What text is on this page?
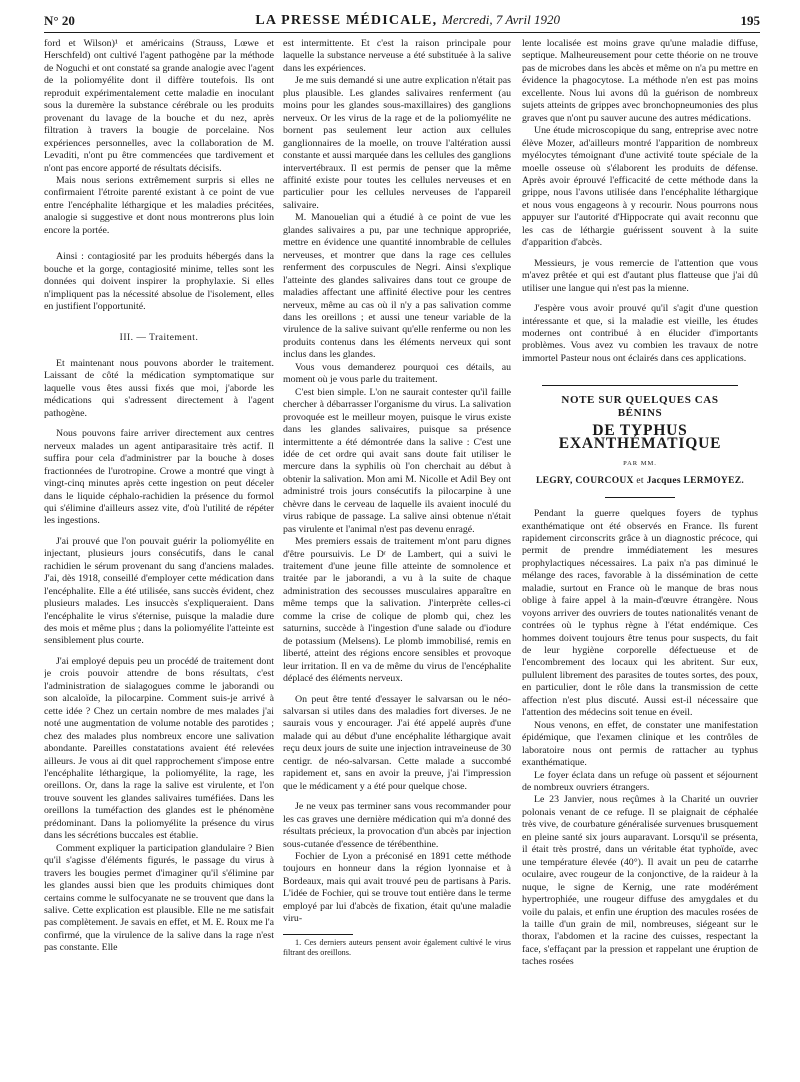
N° 20	LA PRESSE MÉDICALE, Mercredi, 7 Avril 1920	195

ford et Wilson)¹ et américains (Strauss, Lœwe et Herschfeld) ont cultivé l'agent pathogène par la méthode de Noguchi et ont constaté sa grande analogie avec l'agent de la poliomyélite dont il diffère toutefois. Ils ont reproduit expérimentalement cette maladie en inoculant sous la duremère la substance cérébrale ou les produits provenant du lavage de la bouche et du nez, après filtration à travers la bougie de porcelaine. Nos expériences personnelles, avec la collaboration de M. Levaditi, n'ont pu être commencées que tardivement et n'ont pas encore apporté de résultats décisifs.

Mais nous serions extrêmement surpris si elles ne confirmaient l'étroite parenté existant à ce point de vue entre l'encéphalite léthargique et les maladies précitées, analogie si suggestive et dont nous montrerons plus loin encore la portée.

Ainsi : contagiosité par les produits hébergés dans la bouche et la gorge, contagiosité minime, telles sont les données qui doivent inspirer la prophylaxie. Si elles n'impliquent pas la nécessité absolue de l'isolement, elles en justifient l'opportunité.

III. — Traitement.

Et maintenant nous pouvons aborder le traitement. Laissant de côté la médication symptomatique sur laquelle vous êtes aussi fixés que moi, j'aborde les médications qui s'adressent directement à l'agent pathogène.

Nous pouvons faire arriver directement aux centres nerveux malades un agent antiparasitaire très actif. Il suffira pour cela d'administrer par la bouche à doses fractionnées de l'urotropine. Crowe a montré que vingt à vingt-cinq minutes après cette ingestion on peut déceler dans le liquide céphalo-rachidien la présence du formol qui s'élimine d'ailleurs assez vite, d'où l'utilité de répéter les ingestions.

J'ai prouvé que l'on pouvait guérir la poliomyélite en injectant, plusieurs jours consécutifs, dans le canal rachidien le sérum provenant du sang d'anciens malades. J'ai, dès 1918, conseillé d'employer cette médication dans l'encéphalite. Elle a été utilisée, sans succès évident, chez plusieurs malades. Les insuccès s'expliqueraient. Dans l'encéphalite le virus s'éternise, puisque la maladie dure des mois et même plus ; dans la poliomyélite l'atteinte est sensiblement plus courte.

J'ai employé depuis peu un procédé de traitement dont je crois pouvoir attendre de bons résultats, c'est l'administration de sialagogues comme le jaborandi ou son alcaloïde, la pilocarpine. Comment suis-je arrivé à cette idée ? Chez un certain nombre de mes malades j'ai noté une augmentation de volume notable des parotides ; chez des malades plus nombreux encore une salivation abondante. Pareilles constatations avaient été relevées ailleurs. Je vous ai dit quel rapprochement s'impose entre l'encéphalite léthargique, la poliomyélite, la rage, les oreillons. Or, dans la rage la salive est virulente, et l'on trouve souvent les glandes salivaires tuméfiées. Dans les oreillons la tuméfaction des glandes est le phénomène prédominant. Dans la poliomyélite la présence du virus dans les sécrétions buccales est établie.

Comment expliquer la participation glandulaire ? Bien qu'il s'agisse d'éléments figurés, le passage du virus à travers les bougies permet d'imaginer qu'il s'élimine par les glandes aussi bien que les produits chimiques dont certains comme le sulfocyanate ne se trouvent que dans la salive. Cette explication est plausible. Elle ne me satisfait pas complètement. Je savais en effet, et M. E. Roux me l'a confirmé, que la virulence de la salive dans la rage n'est pas constante. Elle

est intermittente. Et c'est la raison principale pour laquelle la substance nerveuse a été substituée à la salive dans les expériences.

Je me suis demandé si une autre explication n'était pas plus plausible. Les glandes salivaires renferment (au moins pour les glandes sous-maxillaires) des ganglions nerveux. Or les virus de la rage et de la poliomyélite ne bornent pas seulement leur action aux cellules ganglionnaires de la moelle, on trouve l'altération aussi constante et aussi marquée dans les cellules des ganglions intervertébraux. Il est permis de penser que la même affinité existe pour toutes les cellules nerveuses et en particulier pour les cellules nerveuses de l'appareil salivaire.

M. Manouelian qui a étudié à ce point de vue les glandes salivaires a pu, par une technique appropriée, mettre en évidence une quantité innombrable de cellules nerveuses, et montrer que dans la rage ces cellules renferment des corpuscules de Negri. Ainsi s'explique l'atteinte des glandes salivaires dans tout ce groupe de maladies affectant une affinité élective pour les centres nerveux, même au cas où il n'y a pas salivation comme dans les oreillons ; et aussi une teneur variable de la virulence de la salive suivant qu'elle renferme ou non les produits contenus dans les éléments nerveux qui sont inclus dans les glandes.

Vous vous demanderez pourquoi ces détails, au moment où je vous parle du traitement.

C'est bien simple. L'on ne saurait contester qu'il faille chercher à débarrasser l'organisme du virus. La salivation provoquée est le meilleur moyen, puisque le virus existe dans les glandes salivaires, puisque sa présence intermittente a été démontrée dans la salive : C'est une idée de cet ordre qui avait sans doute fait utiliser le mercure dans la syphilis où l'on cherchait au début à obtenir la salivation. Mon ami M. Nicolle et Adil Bey ont administré trois jours consécutifs la pilocarpine à une chèvre dans le cerveau de laquelle ils avaient inoculé du virus rabique de passage. La salive ainsi obtenue n'était pas virulente et l'animal n'est pas devenu enragé.

Mes premiers essais de traitement m'ont paru dignes d'être poursuivis. Le Dʳ de Lambert, qui a suivi le traitement d'une jeune fille atteinte de somnolence et traitée par le jaborandi, a vu à la suite de chaque administration des secousses musculaires apparaître en même temps que la salivation. J'interprète celles-ci comme la crise de colique de plomb qui, chez les saturnins, succède à l'ingestion d'une salade ou d'iodure de potassium (Melsens). Le plomb immobilisé, remis en liberté, atteint des régions encore sensibles et provoque leur irritation. Il en va de même du virus de l'encéphalite déplacé des éléments nerveux.

On peut être tenté d'essayer le salvarsan ou le néo-salvarsan si utiles dans des maladies fort diverses. Je ne saurais vous y encourager. J'ai été appelé auprès d'une malade qui au début d'une encéphalite léthargique avait reçu deux jours de suite une injection intraveineuse de 30 centigr. de néo-salvarsan. Cette malade a succombé rapidement et, sans en avoir la preuve, j'ai l'impression que le médicament y a été pour quelque chose.

Je ne veux pas terminer sans vous recommander pour les cas graves une dernière médication qui m'a donné des résultats précieux, la provocation d'un abcès par injection sous-cutanée d'essence de térébenthine.

Fochier de Lyon a préconisé en 1891 cette méthode toujours en honneur dans la région lyonnaise et à Bordeaux, mais qui avait trouvé peu de partisans à Paris. L'idée de Fochier, qui se trouve tout entière dans le terme employé par lui d'abcès de fixation, était qu'une maladie viru-

1. Ces derniers auteurs pensent avoir également cultivé le virus filtrant des oreillons.

lente localisée est moins grave qu'une maladie diffuse, septique. Malheureusement pour cette théorie on ne trouve pas de microbes dans les abcès et même on n'a pu mettre en évidence la phagocytose. La méthode n'en est pas moins excellente. Nous lui avons dû la guérison de nombreux sujets atteints de grippes avec bronchopneumonies des plus graves que n'ont pu sauver aucune des autres médications.

Une étude microscopique du sang, entreprise avec notre élève Mozer, ad'ailleurs montré l'apparition de nombreux myélocytes témoignant d'une activité toute spéciale de la moelle osseuse où s'élaborent les produits de défense. Après avoir éprouvé l'efficacité de cette méthode dans la grippe, nous l'avons utilisée dans l'encéphalite léthargique et nous vous engageons à y recourir. Nous pourrons nous appuyer sur l'autorité d'Hippocrate qui avait reconnu que les cas de léthargie guérissent souvent à la suite d'apparition d'abcès.

Messieurs, je vous remercie de l'attention que vous m'avez prêtée et qui est d'autant plus flatteuse que j'ai dû utiliser une langue qui n'est pas la mienne.

J'espère vous avoir prouvé qu'il s'agit d'une question intéressante et que, si la maladie est vieille, les études modernes ont contribué à en élucider d'importants problèmes. Vous avez vu combien les travaux de notre immortel Pasteur nous ont éclairés dans ces applications.

NOTE SUR QUELQUES CAS BÉNINS
DE TYPHUS EXANTHÉMATIQUE
PAR MM.
LEGRY, COURCOUX et Jacques LERMOYEZ.

Pendant la guerre quelques foyers de typhus exanthématique ont été observés en France. Ils furent rapidement circonscrits grâce à un diagnostic précoce, qui permit de prendre immédiatement les mesures prophylactiques nécessaires. La paix n'a pas diminué le mélange des races, favorable à la dissémination de cette maladie, surtout en France où le manque de bras nous oblige à faire appel à la main-d'œuvre étrangère. Nous voyons arriver des ouvriers de toutes nationalités venant de contrées où le typhus règne à l'état endémique. Ces hommes doivent toujours être tenus pour suspects, du fait de leur hygiène corporelle défectueuse et de l'encombrement des locaux qui les abritent. Sur eux, pullulent librement des parasites de toutes sortes, des poux, en particulier, dont le rôle dans la transmission de cette affection n'est plus discuté. Aussi est-il nécessaire que l'attention des médecins soit tenue en éveil.

Nous venons, en effet, de constater une manifestation épidémique, que l'examen clinique et les contrôles de laboratoire nous ont permis de rattacher au typhus exanthématique.

Le foyer éclata dans un refuge où passent et séjournent de nombreux ouvriers étrangers.

Le 23 Janvier, nous reçûmes à la Charité un ouvrier polonais venant de ce refuge. Il se plaignait de céphalée très vive, de courbature généralisée survenues brusquement en pleine santé six jours auparavant. Lorsqu'il se présenta, il était très prostré, dans un véritable état typhoïde, avec une température élevée (40°). Il avait un peu de catarrhe oculaire, avec rougeur de la conjonctive, de la raideur à la nuque, le signe de Kernig, une rate modérément hypertrophiée, une rougeur diffuse des amygdales et du voile du palais, et enfin une éruption des macules rosées de la taille d'un grain de mil, nombreuses, siégeant sur le thorax, l'abdomen et la racine des cuisses, respectant la face, s'effaçant par la pression et rappelant une éruption de taches rosées
